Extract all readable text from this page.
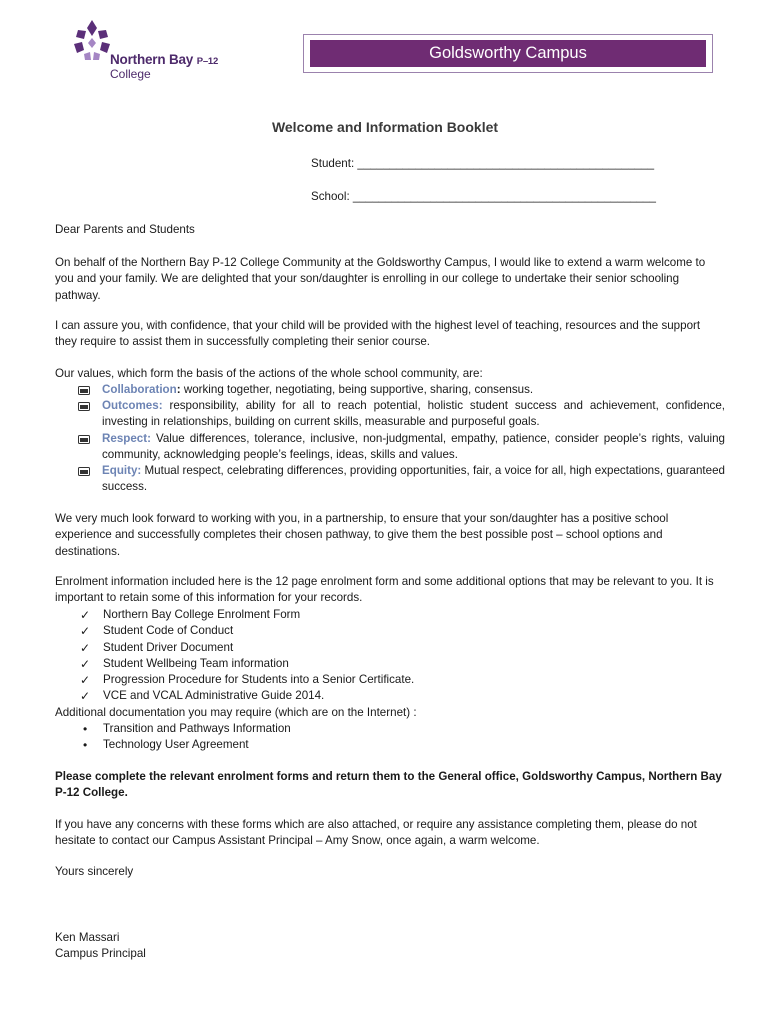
Northern Bay P–12
College
Goldsworthy Campus
Welcome and Information Booklet
Student: ______________________________________________
School: _______________________________________________
Dear Parents and Students
On behalf of the Northern Bay P-12 College Community at the Goldsworthy Campus, I would like to extend a warm welcome to you and your family. We are delighted that your son/daughter is enrolling in our college to undertake their senior schooling pathway.
I can assure you, with confidence, that your child will be provided with the highest level of teaching, resources and the support they require to assist them in successfully completing their senior course.
Our values, which form the basis of the actions of the whole school community, are:
Collaboration: working together, negotiating, being supportive, sharing, consensus.
Outcomes: responsibility, ability for all to reach potential, holistic student success and achievement, confidence, investing in relationships, building on current skills, measurable and purposeful goals.
Respect: Value differences, tolerance, inclusive, non-judgmental, empathy, patience, consider people’s rights, valuing community, acknowledging people’s feelings, ideas, skills and values.
Equity: Mutual respect, celebrating differences, providing opportunities, fair, a voice for all, high expectations, guaranteed success.
We very much look forward to working with you, in a partnership, to ensure that your son/daughter has a positive school experience and successfully completes their chosen pathway, to give them the best possible post – school options and destinations.
Enrolment information included here is the 12 page enrolment form and some additional options that may be relevant to you. It is important to retain some of this information for your records.
✓ Northern Bay College Enrolment Form
✓ Student Code of Conduct
✓ Student Driver Document
✓ Student Wellbeing Team information
✓ Progression Procedure for Students into a Senior Certificate.
✓ VCE and VCAL Administrative Guide 2014.
Additional documentation you may require (which are on the Internet) :
• Transition and Pathways Information
• Technology User Agreement
Please complete the relevant enrolment forms and return them to the General office, Goldsworthy Campus, Northern Bay P-12 College.
If you have any concerns with these forms which are also attached, or require any assistance completing them, please do not hesitate to contact our Campus Assistant Principal – Amy Snow, once again, a warm welcome.
Yours sincerely
Ken Massari
Campus Principal
